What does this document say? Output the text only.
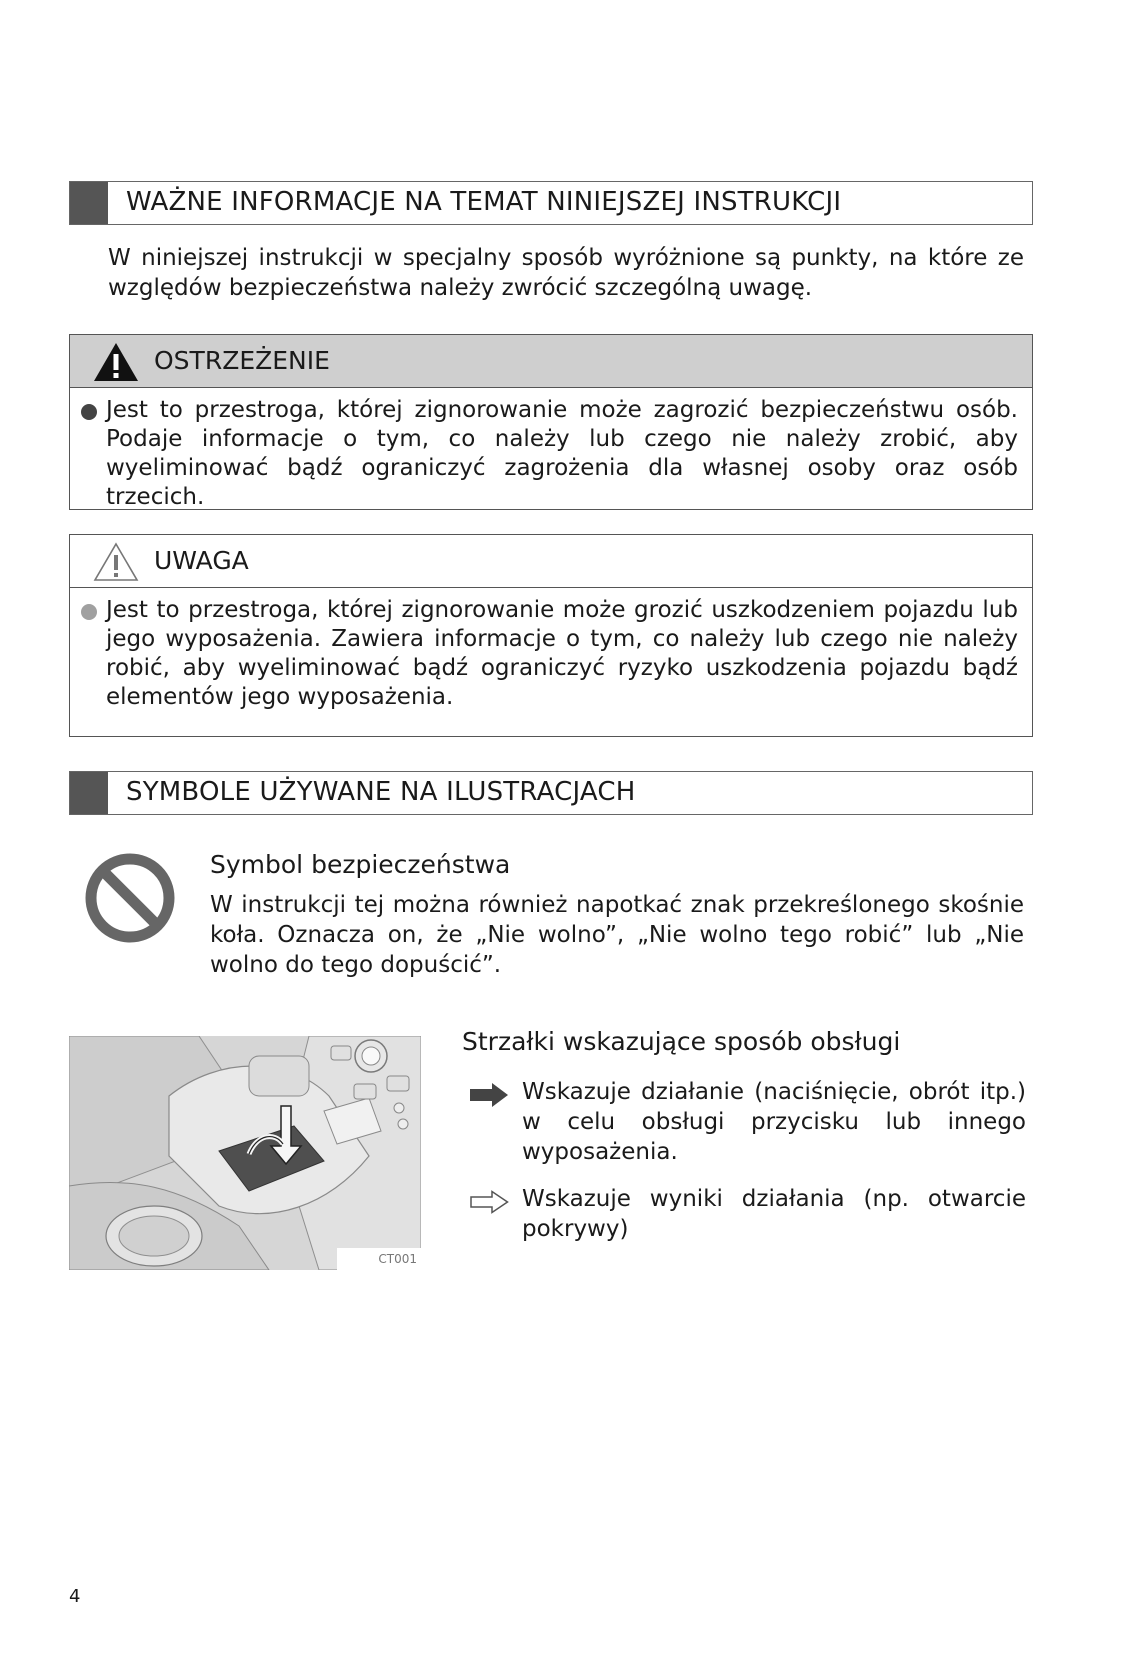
WAŻNE INFORMACJE NA TEMAT NINIEJSZEJ INSTRUKCJI
W niniejszej instrukcji w specjalny sposób wyróżnione są punkty, na które ze względów bezpieczeństwa należy zwrócić szczególną uwagę.
OSTRZEŻENIE
Jest to przestroga, której zignorowanie może zagrozić bezpieczeństwu osób. Podaje informacje o tym, co należy lub czego nie należy zrobić, aby wyeliminować bądź ograniczyć zagrożenia dla własnej osoby oraz osób trzecich.
UWAGA
Jest to przestroga, której zignorowanie może grozić uszkodzeniem pojazdu lub jego wyposażenia. Zawiera informacje o tym, co należy lub czego nie należy robić, aby wyeliminować bądź ograniczyć ryzyko uszkodzenia pojazdu bądź elementów jego wyposażenia.
SYMBOLE UŻYWANE NA ILUSTRACJACH
Symbol bezpieczeństwa
W instrukcji tej można również napotkać znak przekreślonego skośnie koła. Oznacza on, że „Nie wolno”, „Nie wolno tego robić” lub „Nie wolno do tego dopuścić”.
CT001
Strzałki wskazujące sposób obsługi
Wskazuje działanie (naciśnięcie, obrót itp.) w celu obsługi przycisku lub innego wyposażenia.
Wskazuje wyniki działania (np. otwarcie pokrywy)
4
